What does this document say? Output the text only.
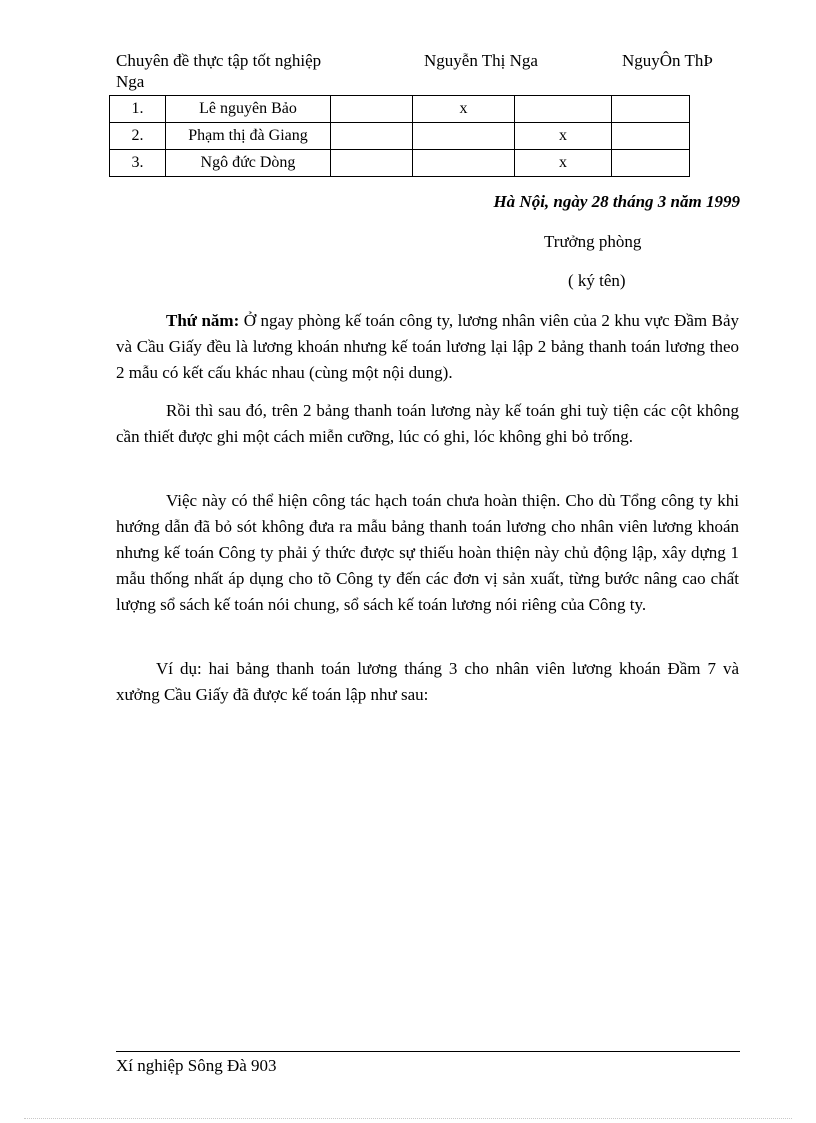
Chuyên đề thực tập tốt nghiệp	Nguyễn Thị Nga	NguyÔn ThÞ
Nga
1.	Lê nguyên Bảo		x		
2.	Phạm thị đà Giang			x	
3.	Ngô đức Dòng			x	
Hà Nội, ngày 28 tháng 3 năm 1999
Trưởng phòng
( ký tên)

Thứ năm: Ở ngay phòng kế toán công ty, lương nhân viên của 2 khu vực Đầm Bảy và Cầu Giấy đều là lương khoán nhưng kế toán lương lại lập 2 bảng thanh toán lương theo 2 mẫu có kết cấu khác nhau (cùng một nội dung).

Rồi thì sau đó, trên 2 bảng thanh toán lương này kế toán ghi tuỳ tiện các cột không cần thiết được ghi một cách miễn cưỡng, lúc có ghi, lóc không ghi bỏ trống.

Việc này có thể hiện công tác hạch toán chưa hoàn thiện. Cho dù Tổng công ty khi hướng dẫn đã bỏ sót không đưa ra mẫu bảng thanh toán lương cho nhân viên lương khoán nhưng kế toán Công ty phải ý thức được sự thiếu hoàn thiện này chủ động lập, xây dựng 1 mẫu thống nhất áp dụng cho tõ Công ty đến các đơn vị sản xuất, từng bước nâng cao chất lượng sổ sách kế toán nói chung, sổ sách kế toán lương nói riêng của Công ty.

Ví dụ: hai bảng thanh toán lương tháng 3 cho nhân viên lương khoán Đầm 7 và xưởng Cầu Giấy đã được kế toán lập như sau:

Xí nghiệp Sông Đà 903
